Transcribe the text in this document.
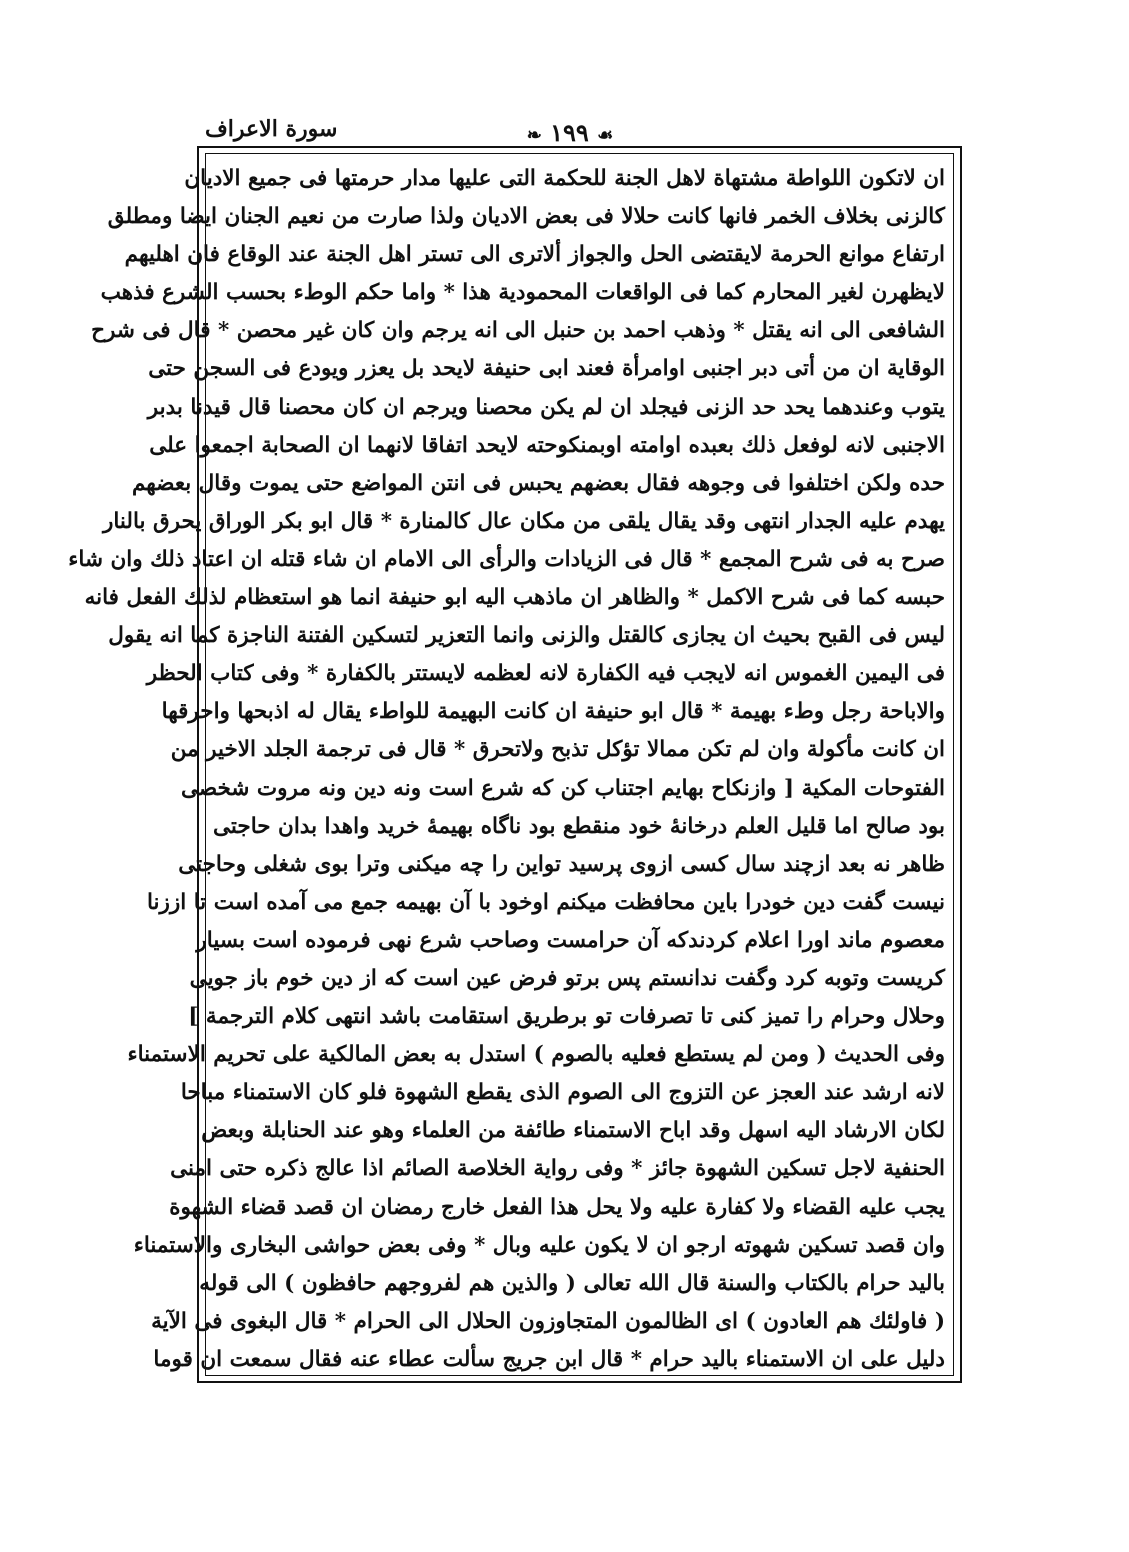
❧ ١٩٩ ☙
سورة الاعراف
ان لاتكون اللواطة مشتهاة لاهل الجنة للحكمة التى عليها مدار حرمتها فى جميع الاديان
كالزنى بخلاف الخمر فانها كانت حلالا فى بعض الاديان ولذا صارت من نعيم الجنان ايضا ومطلق
ارتفاع موانع الحرمة لايقتضى الحل والجواز ألاترى الى تستر اهل الجنة عند الوقاع فان اهليهم
لايظهرن لغير المحارم كما فى الواقعات المحمودية هذا * واما حكم الوطء بحسب الشرع فذهب
الشافعى الى انه يقتل * وذهب احمد بن حنبل الى انه يرجم وان كان غير محصن * قال فى شرح
الوقاية ان من أتى دبر اجنبى اوامرأة فعند ابى حنيفة لايحد بل يعزر ويودع فى السجن حتى
يتوب وعندهما يحد حد الزنى فيجلد ان لم يكن محصنا ويرجم ان كان محصنا قال قيدنا بدبر
الاجنبى لانه لوفعل ذلك بعبده اوامته اوبمنكوحته لايحد اتفاقا لانهما ان الصحابة اجمعوا على
حده ولكن اختلفوا فى وجوهه فقال بعضهم يحبس فى انتن المواضع حتى يموت وقال بعضهم
يهدم عليه الجدار انتهى وقد يقال يلقى من مكان عال كالمنارة * قال ابو بكر الوراق يحرق بالنار
صرح به فى شرح المجمع * قال فى الزيادات والرأى الى الامام ان شاء قتله ان اعتاد ذلك وان شاء
حبسه كما فى شرح الاكمل * والظاهر ان ماذهب اليه ابو حنيفة انما هو استعظام لذلك الفعل فانه
ليس فى القبح بحيث ان يجازى كالقتل والزنى وانما التعزير لتسكين الفتنة الناجزة كما انه يقول
فى اليمين الغموس انه لايجب فيه الكفارة لانه لعظمه لايستتر بالكفارة * وفى كتاب الحظر
والاباحة رجل وطء بهيمة * قال ابو حنيفة ان كانت البهيمة للواطء يقال له اذبحها واحرقها
ان كانت مأكولة وان لم تكن ممالا تؤكل تذبح ولاتحرق * قال فى ترجمة الجلد الاخير من
الفتوحات المكية [ وازنكاح بهايم اجتناب كن كه شرع است ونه دين ونه مروت شخصى
بود صالح اما قليل العلم درخانهٔ خود منقطع بود ناگاه بهيمهٔ خريد واهدا بدان حاجتى
ظاهر نه بعد ازچند سال كسى ازوى پرسيد تواين را چه ميكنى وترا بوى شغلى وحاجتى
نيست گفت دين خودرا باين محافظت ميكنم اوخود با آن بهيمه جمع مى آمده است تا اززنا
معصوم ماند اورا اعلام كردندكه آن حرامست وصاحب شرع نهى فرموده است بسيار
كريست وتوبه كرد وگفت ندانستم پس برتو فرض عين است كه از دين خوم باز جويى
وحلال وحرام را تميز كنى تا تصرفات تو برطريق استقامت باشد انتهى كلام الترجمة ]
وفى الحديث ( ومن لم يستطع فعليه بالصوم ) استدل به بعض المالكية على تحريم الاستمناء
لانه ارشد عند العجز عن التزوج الى الصوم الذى يقطع الشهوة فلو كان الاستمناء مباحا
لكان الارشاد اليه اسهل وقد اباح الاستمناء طائفة من العلماء وهو عند الحنابلة وبعض
الحنفية لاجل تسكين الشهوة جائز * وفى رواية الخلاصة الصائم اذا عالج ذكره حتى امنى
يجب عليه القضاء ولا كفارة عليه ولا يحل هذا الفعل خارج رمضان ان قصد قضاء الشهوة
وان قصد تسكين شهوته ارجو ان لا يكون عليه وبال * وفى بعض حواشى البخارى والاستمناء
باليد حرام بالكتاب والسنة قال الله تعالى ( والذين هم لفروجهم حافظون ) الى قوله
( فاولئك هم العادون ) اى الظالمون المتجاوزون الحلال الى الحرام * قال البغوى فى الآية
دليل على ان الاستمناء باليد حرام * قال ابن جريج سألت عطاء عنه فقال سمعت ان قوما
